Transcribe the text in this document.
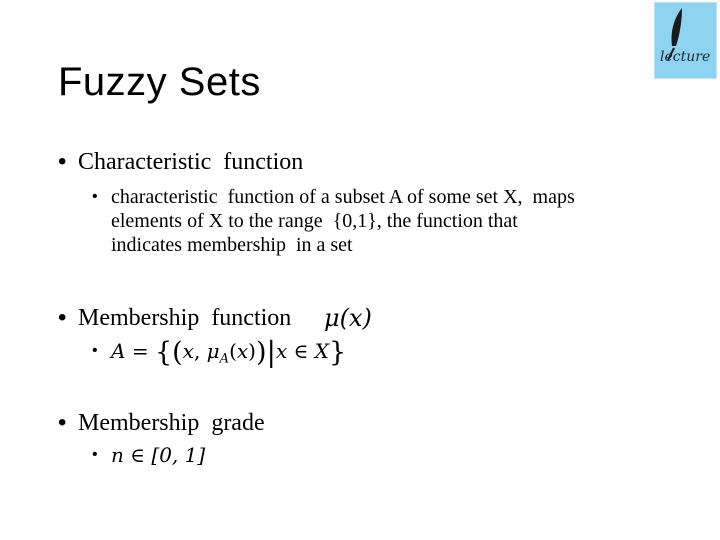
Fuzzy Sets
lecture
• Characteristic  function
• characteristic  function of a subset A of some set X,  maps
elements of X to the range  {0,1}, the function that
indicates membership  in a set
• Membership  function μ(x)
• A = {(x, $\mu_A(x))|x$ ∈ X}
• Membership  grade
• n ∈ [0, 1]
